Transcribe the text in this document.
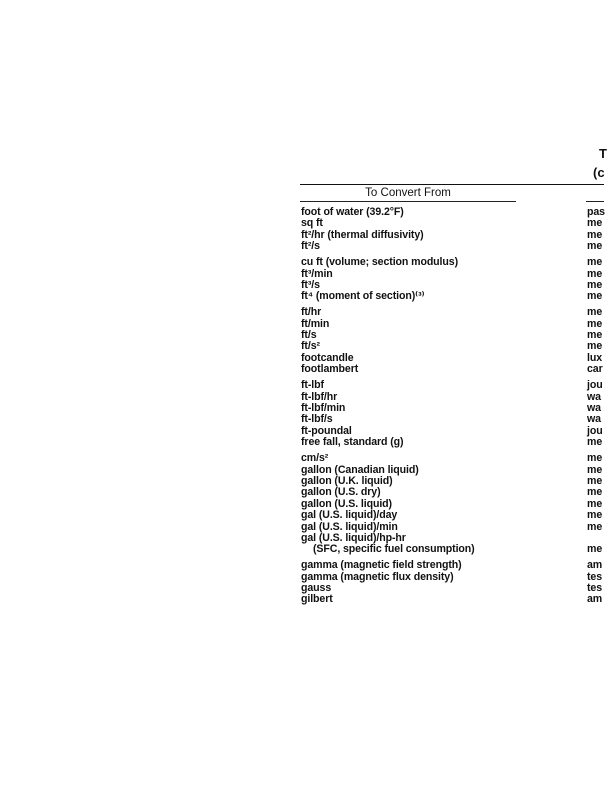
T
(c
To Convert From
foot of water (39.2°F)
sq ft
ft²/hr (thermal diffusivity)
ft²/s
cu ft (volume; section modulus)
ft³/min
ft³/s
ft⁴ (moment of section)⁽³⁾
ft/hr
ft/min
ft/s
ft/s²
footcandle
footlambert
ft-lbf
ft-lbf/hr
ft-lbf/min
ft-lbf/s
ft-poundal
free fall, standard (g)
cm/s²
gallon (Canadian liquid)
gallon (U.K. liquid)
gallon (U.S. dry)
gallon (U.S. liquid)
gal (U.S. liquid)/day
gal (U.S. liquid)/min
gal (U.S. liquid)/hp-hr
(SFC, specific fuel consumption)
gamma (magnetic field strength)
gamma (magnetic flux density)
gauss
gilbert
pas
me
me
me
me
me
me
me
me
me
me
me
lux
car
jou
wa
wa
wa
jou
me
me
me
me
me
me
me
me
me
am
tes
tes
am
